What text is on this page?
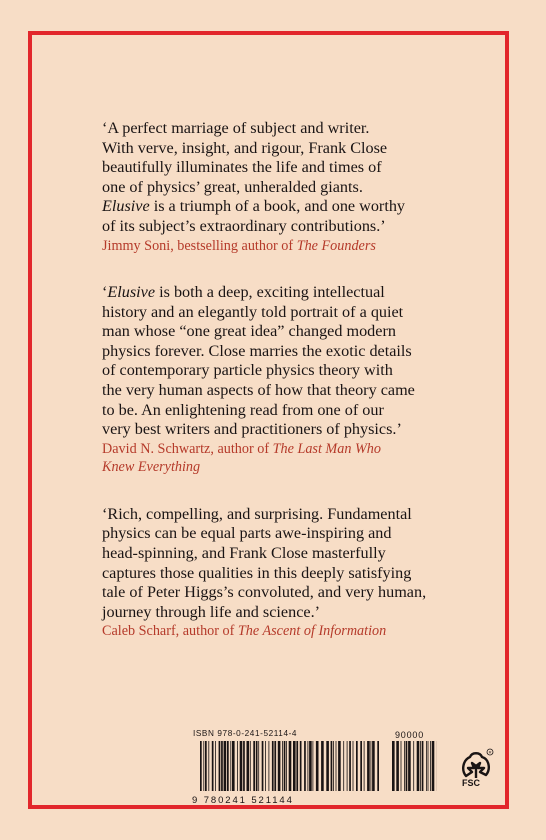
‘A perfect marriage of subject and writer.
With verve, insight, and rigour, Frank Close
beautifully illuminates the life and times of
one of physics’ great, unheralded giants.
Elusive is a triumph of a book, and one worthy
of its subject’s extraordinary contributions.’

Jimmy Soni, bestselling author of The Founders

‘Elusive is both a deep, exciting intellectual
history and an elegantly told portrait of a quiet
man whose “one great idea” changed modern
physics forever. Close marries the exotic details
of contemporary particle physics theory with
the very human aspects of how that theory came
to be. An enlightening read from one of our
very best writers and practitioners of physics.’

David N. Schwartz, author of The Last Man Who
Knew Everything

‘Rich, compelling, and surprising. Fundamental
physics can be equal parts awe-inspiring and
head-spinning, and Frank Close masterfully
captures those qualities in this deeply satisfying
tale of Peter Higgs’s convoluted, and very human,
journey through life and science.’

Caleb Scharf, author of The Ascent of Information

ISBN 978-0-241-52114-4	90000
9 780241 521144
R
FSC
